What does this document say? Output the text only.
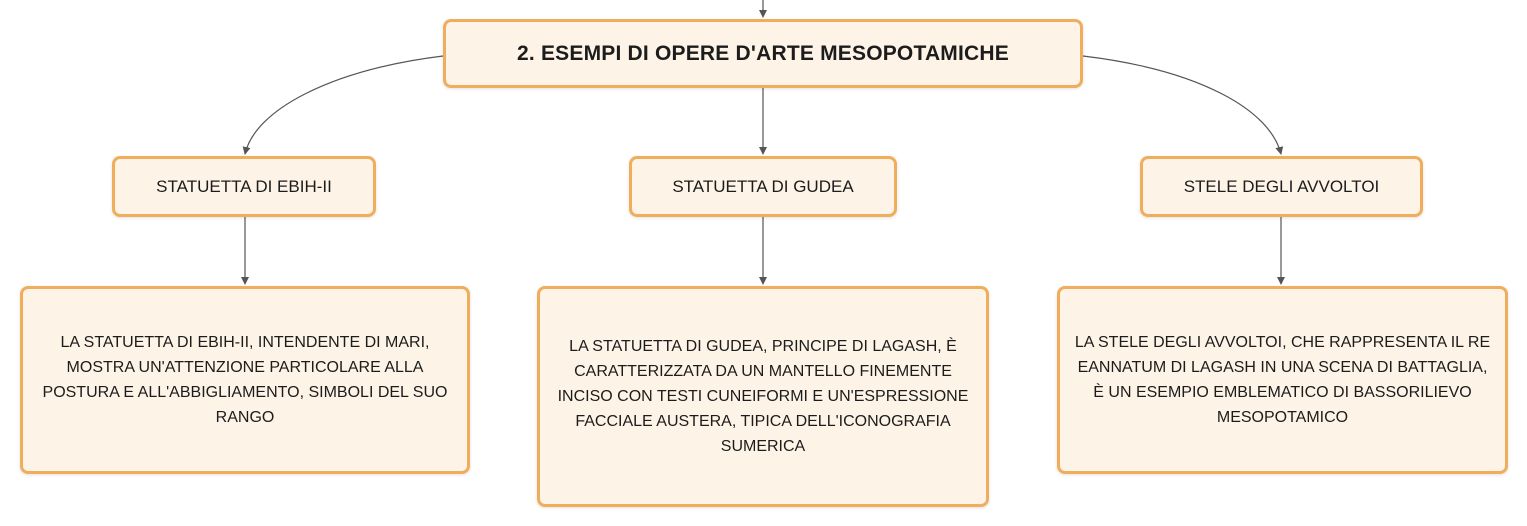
2. ESEMPI DI OPERE D'ARTE MESOPOTAMICHE
STATUETTA DI EBIH-II	STATUETTA DI GUDEA	STELE DEGLI AVVOLTOI
LA STATUETTA DI EBIH-II, INTENDENTE DI MARI, MOSTRA UN'ATTENZIONE PARTICOLARE ALLA POSTURA E ALL'ABBIGLIAMENTO, SIMBOLI DEL SUO RANGO
LA STATUETTA DI GUDEA, PRINCIPE DI LAGASH, È CARATTERIZZATA DA UN MANTELLO FINEMENTE INCISO CON TESTI CUNEIFORMI E UN'ESPRESSIONE FACCIALE AUSTERA, TIPICA DELL'ICONOGRAFIA SUMERICA
LA STELE DEGLI AVVOLTOI, CHE RAPPRESENTA IL RE EANNATUM DI LAGASH IN UNA SCENA DI BATTAGLIA, È UN ESEMPIO EMBLEMATICO DI BASSORILIEVO MESOPOTAMICO
